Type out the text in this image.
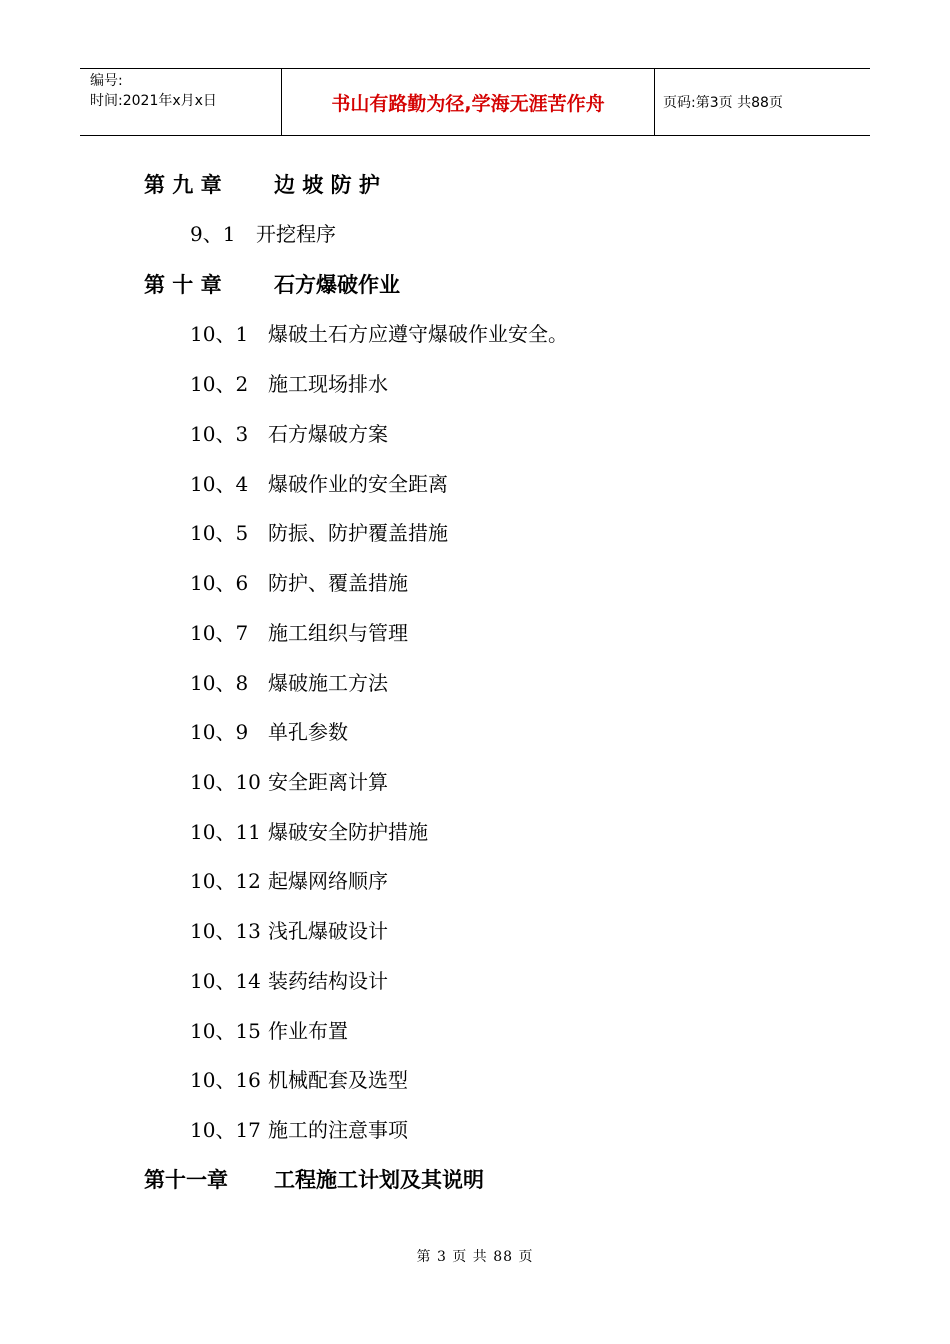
编号:
时间:2021年x月x日	书山有路勤为径,学海无涯苦作舟	页码:第3页 共88页
第 九 章 边 坡 防 护
9、1 开挖程序
第 十 章 石方爆破作业
10、1 爆破土石方应遵守爆破作业安全。
10、2 施工现场排水
10、3 石方爆破方案
10、4 爆破作业的安全距离
10、5 防振、防护覆盖措施
10、6 防护、覆盖措施
10、7 施工组织与管理
10、8 爆破施工方法
10、9 单孔参数
10、10 安全距离计算
10、11 爆破安全防护措施
10、12 起爆网络顺序
10、13 浅孔爆破设计
10、14 装药结构设计
10、15 作业布置
10、16 机械配套及选型
10、17 施工的注意事项
第十一章 工程施工计划及其说明
第 3 页 共 88 页
